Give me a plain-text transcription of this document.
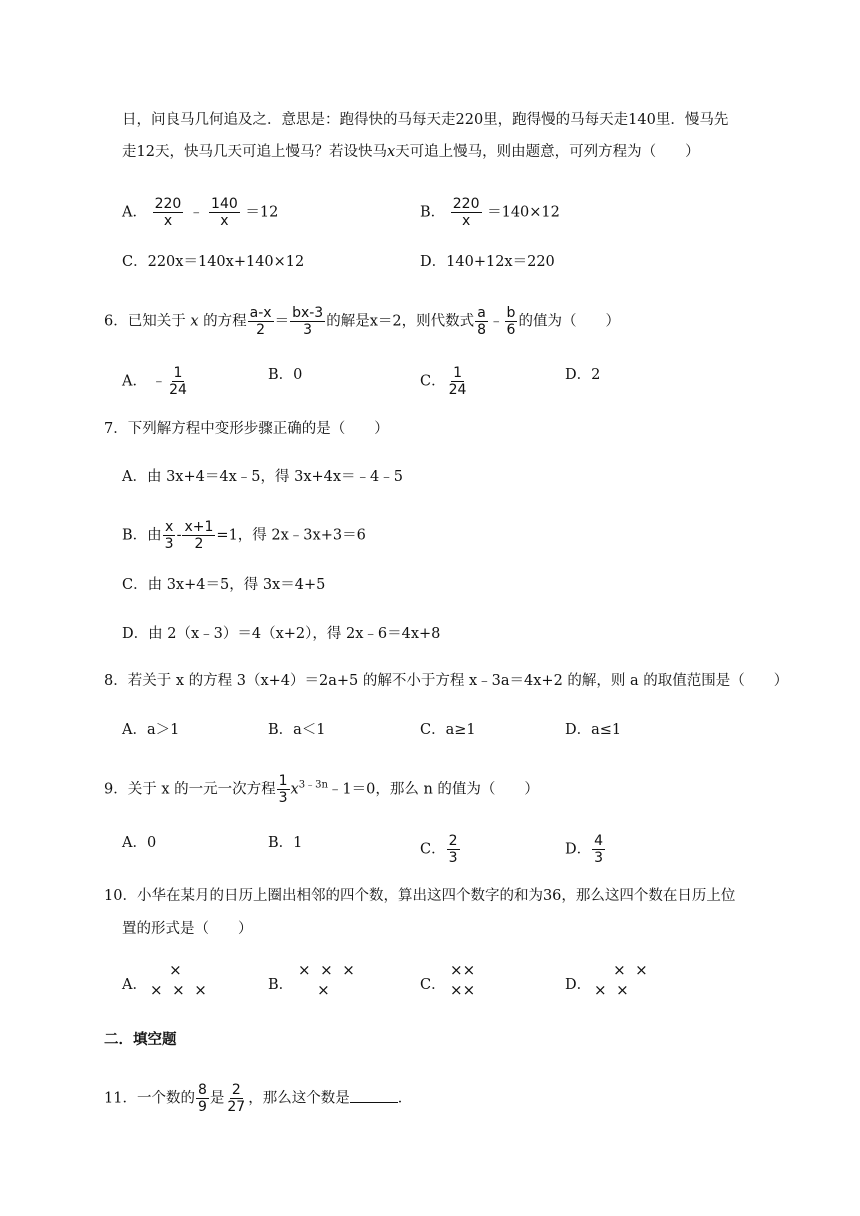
日，问良马几何追及之．意思是：跑得快的马每天走220里，跑得慢的马每天走140里．慢马先
走12天，快马几天可追上慢马？若设快马x天可追上慢马，则由题意，可列方程为（　　）
A． $\frac{220}{x}$ ﹣ $\frac{140}{x} =12$	B． $\frac{220}{x} =140\times 12$
C．220x＝140x+140×12	D．140+12x＝220
6．已知关于 x 的方程 $\frac{a-x}{2} = \frac{bx-3}{3}$ 的解是x＝2，则代数式 $\frac{a}{8}$ ﹣ $\frac{b}{6}$ 的值为（　　）
A． ﹣ $\frac{1}{24}$	B．0	C． $\frac{1}{24}$	D．2
7．下列解方程中变形步骤正确的是（　　）
A．由 3x+4＝4x﹣5，得 3x+4x＝﹣4﹣5
B．由 $\frac{x}{3} - \frac{x+1}{2} =1$，得 2x﹣3x+3＝6
C．由 3x+4＝5，得 3x＝4+5
D．由 2（x﹣3）＝4（x+2），得 2x﹣6＝4x+8
8．若关于 x 的方程 3（x+4）＝2a+5 的解不小于方程 x﹣3a＝4x+2 的解，则 a 的取值范围是（　　）
A．a＞1	B．a＜1	C．a≥1	D．a≤1
9．关于 x 的一元一次方程 $\frac{1}{3}$ $x^{3﹣3n}﹣1=0$，那么 n 的值为（　　）
A．0	B．1	C． $\frac{2}{3}$	D． $\frac{4}{3}$
10．小华在某月的日历上圈出相邻的四个数，算出这四个数字的和为36，那么这四个数在日历上位
置的形式是（　　）
A．
×
×  ×  ×	B．
×  ×  ×
×	C．
××
××	D．
×  ×
×  ×
二．填空题
11．一个数的 $\frac{8}{9}$ 是 $\frac{2}{27}$ ，那么这个数是	．
